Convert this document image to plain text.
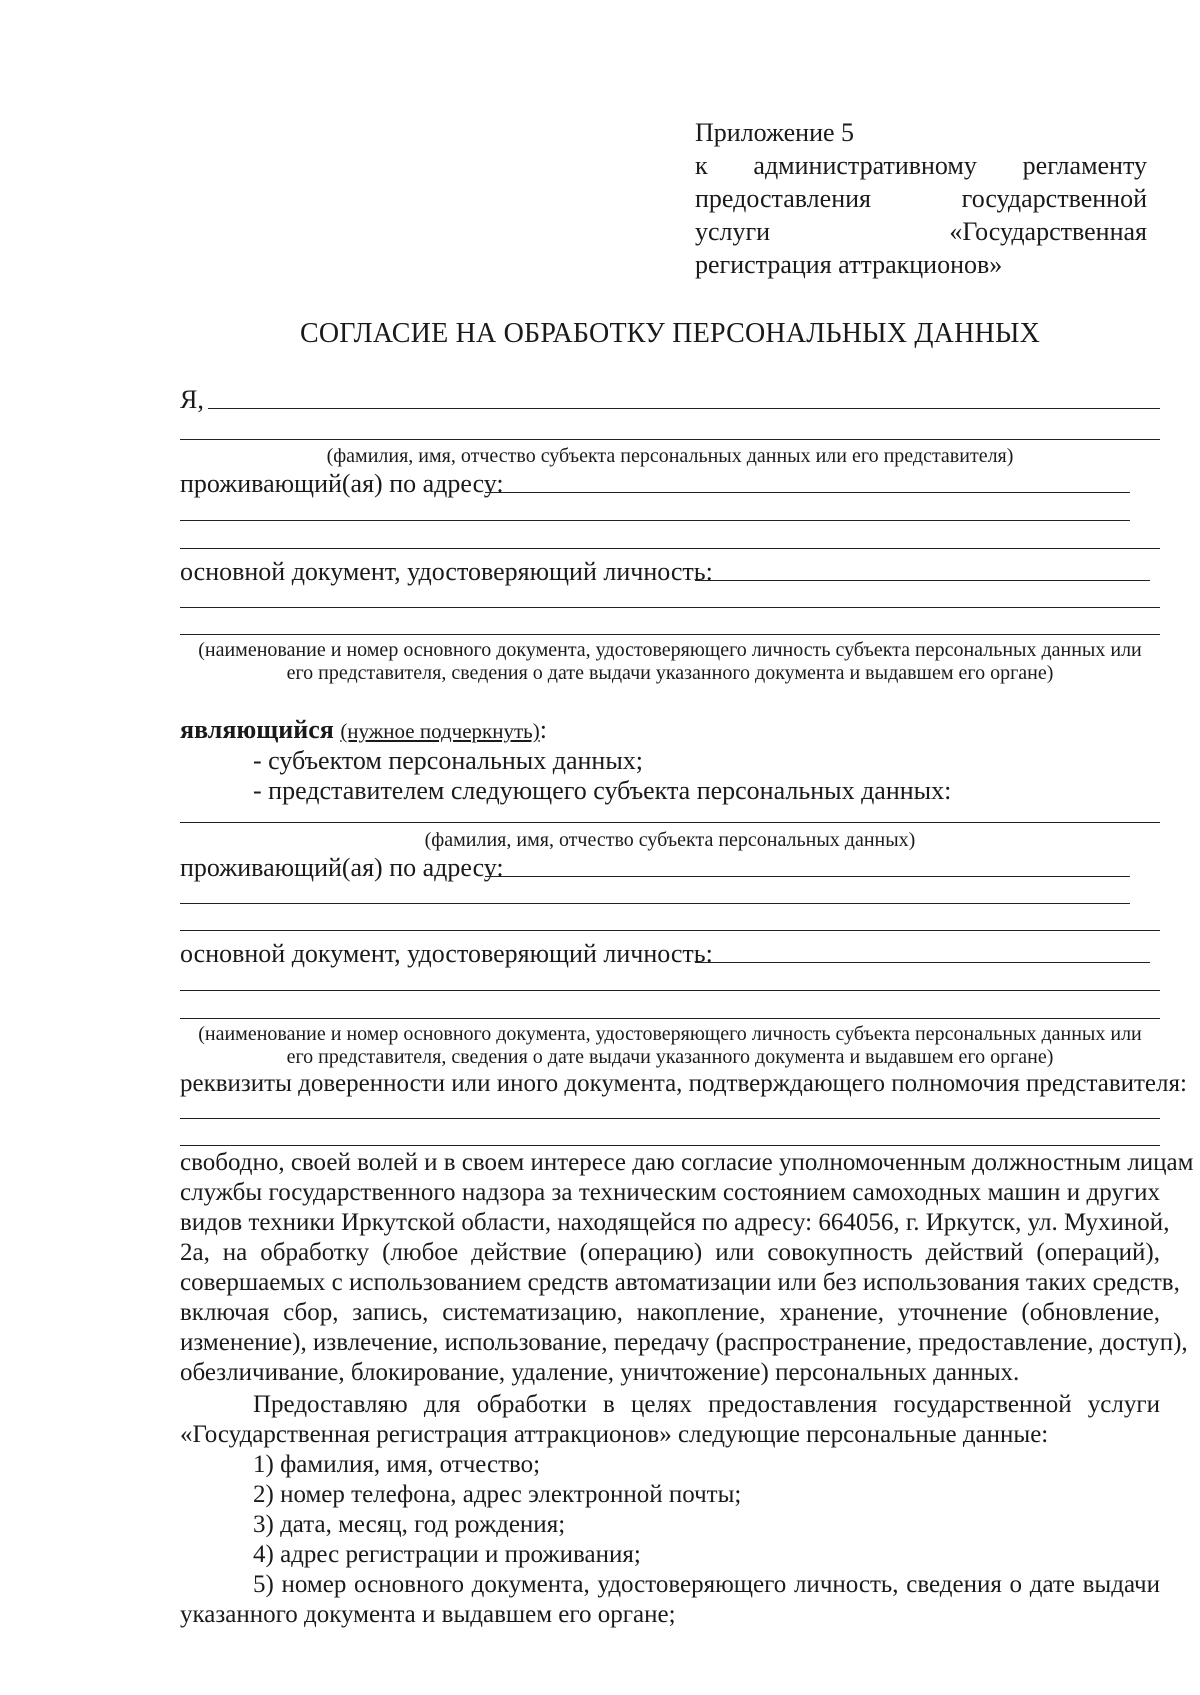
Приложение 5
к административному регламенту
предоставления государственной
услуги «Государственная
регистрация аттракционов»
СОГЛАСИЕ НА ОБРАБОТКУ ПЕРСОНАЛЬНЫХ ДАННЫХ
Я,
(фамилия, имя, отчество субъекта персональных данных или его представителя)
проживающий(ая) по адресу:
основной документ, удостоверяющий личность:
(наименование и номер основного документа, удостоверяющего личность субъекта персональных данных или
его представителя, сведения о дате выдачи указанного документа и выдавшем его органе)
являющийся (нужное подчеркнуть):
- субъектом персональных данных;
- представителем следующего субъекта персональных данных:
(фамилия, имя, отчество субъекта персональных данных)
проживающий(ая) по адресу:
основной документ, удостоверяющий личность:
(наименование и номер основного документа, удостоверяющего личность субъекта персональных данных или
его представителя, сведения о дате выдачи указанного документа и выдавшем его органе)
реквизиты доверенности или иного документа, подтверждающего полномочия представителя:
свободно, своей волей и в своем интересе даю согласие уполномоченным должностным лицам
службы государственного надзора за техническим состоянием самоходных машин и других
видов техники Иркутской области, находящейся по адресу: 664056, г. Иркутск, ул. Мухиной,
2а, на обработку (любое действие (операцию) или совокупность действий (операций),
совершаемых с использованием средств автоматизации или без использования таких средств,
включая сбор, запись, систематизацию, накопление, хранение, уточнение (обновление,
изменение), извлечение, использование, передачу (распространение, предоставление, доступ),
обезличивание, блокирование, удаление, уничтожение) персональных данных.
Предоставляю для обработки в целях предоставления государственной услуги
«Государственная регистрация аттракционов» следующие персональные данные:
1) фамилия, имя, отчество;
2) номер телефона, адрес электронной почты;
3) дата, месяц, год рождения;
4) адрес регистрации и проживания;
5) номер основного документа, удостоверяющего личность, сведения о дате выдачи
указанного документа и выдавшем его органе;
